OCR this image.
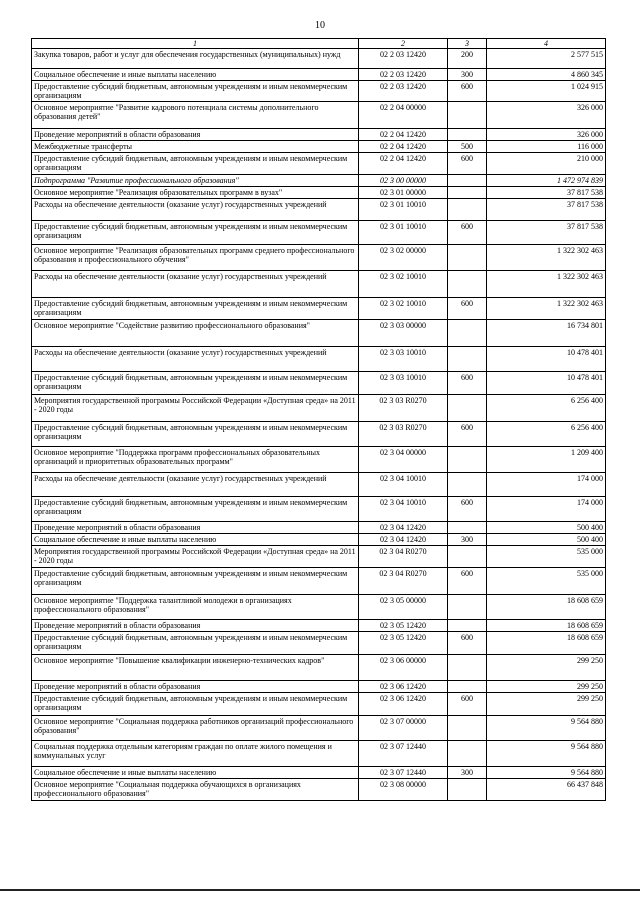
10
1	2	3	4
Закупка товаров, работ и услуг для обеспечения государственных (муниципальных) нужд	02 2 03 12420	200	2 577 515
Социальное обеспечение и иные выплаты населению	02 2 03 12420	300	4 860 345
Предоставление субсидий бюджетным, автономным учреждениям и иным некоммерческим организациям	02 2 03 12420	600	1 024 915
Основное мероприятие "Развитие кадрового потенциала системы дополнительного образования детей"	02 2 04 00000		326 000
Проведение мероприятий в области образования	02 2 04 12420		326 000
Межбюджетные трансферты	02 2 04 12420	500	116 000
Предоставление субсидий бюджетным, автономным учреждениям и иным некоммерческим организациям	02 2 04 12420	600	210 000
Подпрограмма "Развитие профессионального образования"	02 3 00 00000		1 472 974 839
Основное мероприятие "Реализация образовательных программ в вузах"	02 3 01 00000		37 817 538
Расходы на обеспечение деятельности (оказание услуг) государственных учреждений	02 3 01 10010		37 817 538
Предоставление субсидий бюджетным, автономным учреждениям и иным некоммерческим организациям	02 3 01 10010	600	37 817 538
Основное мероприятие "Реализация образовательных программ среднего профессионального образования и профессионального обучения"	02 3 02 00000		1 322 302 463
Расходы на обеспечение деятельности (оказание услуг) государственных учреждений	02 3 02 10010		1 322 302 463
Предоставление субсидий бюджетным, автономным учреждениям и иным некоммерческим организациям	02 3 02 10010	600	1 322 302 463
Основное мероприятие "Содействие развитию профессионального образования"	02 3 03 00000		16 734 801
Расходы на обеспечение деятельности (оказание услуг) государственных учреждений	02 3 03 10010		10 478 401
Предоставление субсидий бюджетным, автономным учреждениям и иным некоммерческим организациям	02 3 03 10010	600	10 478 401
Мероприятия государственной программы Российской Федерации «Доступная среда» на 2011 - 2020 годы	02 3 03 R0270		6 256 400
Предоставление субсидий бюджетным, автономным учреждениям и иным некоммерческим организациям	02 3 03 R0270	600	6 256 400
Основное мероприятие "Поддержка программ профессиональных образовательных организаций и приоритетных образовательных программ"	02 3 04 00000		1 209 400
Расходы на обеспечение деятельности (оказание услуг) государственных учреждений	02 3 04 10010		174 000
Предоставление субсидий бюджетным, автономным учреждениям и иным некоммерческим организациям	02 3 04 10010	600	174 000
Проведение мероприятий в области образования	02 3 04 12420		500 400
Социальное обеспечение и иные выплаты населению	02 3 04 12420	300	500 400
Мероприятия государственной программы Российской Федерации «Доступная среда» на 2011 - 2020 годы	02 3 04 R0270		535 000
Предоставление субсидий бюджетным, автономным учреждениям и иным некоммерческим организациям	02 3 04 R0270	600	535 000
Основное мероприятие "Поддержка талантливой молодежи в организациях профессионального образования"	02 3 05 00000		18 608 659
Проведение мероприятий в области образования	02 3 05 12420		18 608 659
Предоставление субсидий бюджетным, автономным учреждениям и иным некоммерческим организациям	02 3 05 12420	600	18 608 659
Основное мероприятие "Повышение квалификации инженерно-технических кадров"	02 3 06 00000		299 250
Проведение мероприятий в области образования	02 3 06 12420		299 250
Предоставление субсидий бюджетным, автономным учреждениям и иным некоммерческим организациям	02 3 06 12420	600	299 250
Основное мероприятие "Социальная поддержка работников организаций профессионального образования"	02 3 07 00000		9 564 880
Социальная поддержка отдельным категориям граждан по оплате жилого помещения и коммунальных услуг	02 3 07 12440		9 564 880
Социальное обеспечение и иные выплаты населению	02 3 07 12440	300	9 564 880
Основное мероприятие "Социальная поддержка обучающихся в организациях профессионального образования"	02 3 08 00000		66 437 848
